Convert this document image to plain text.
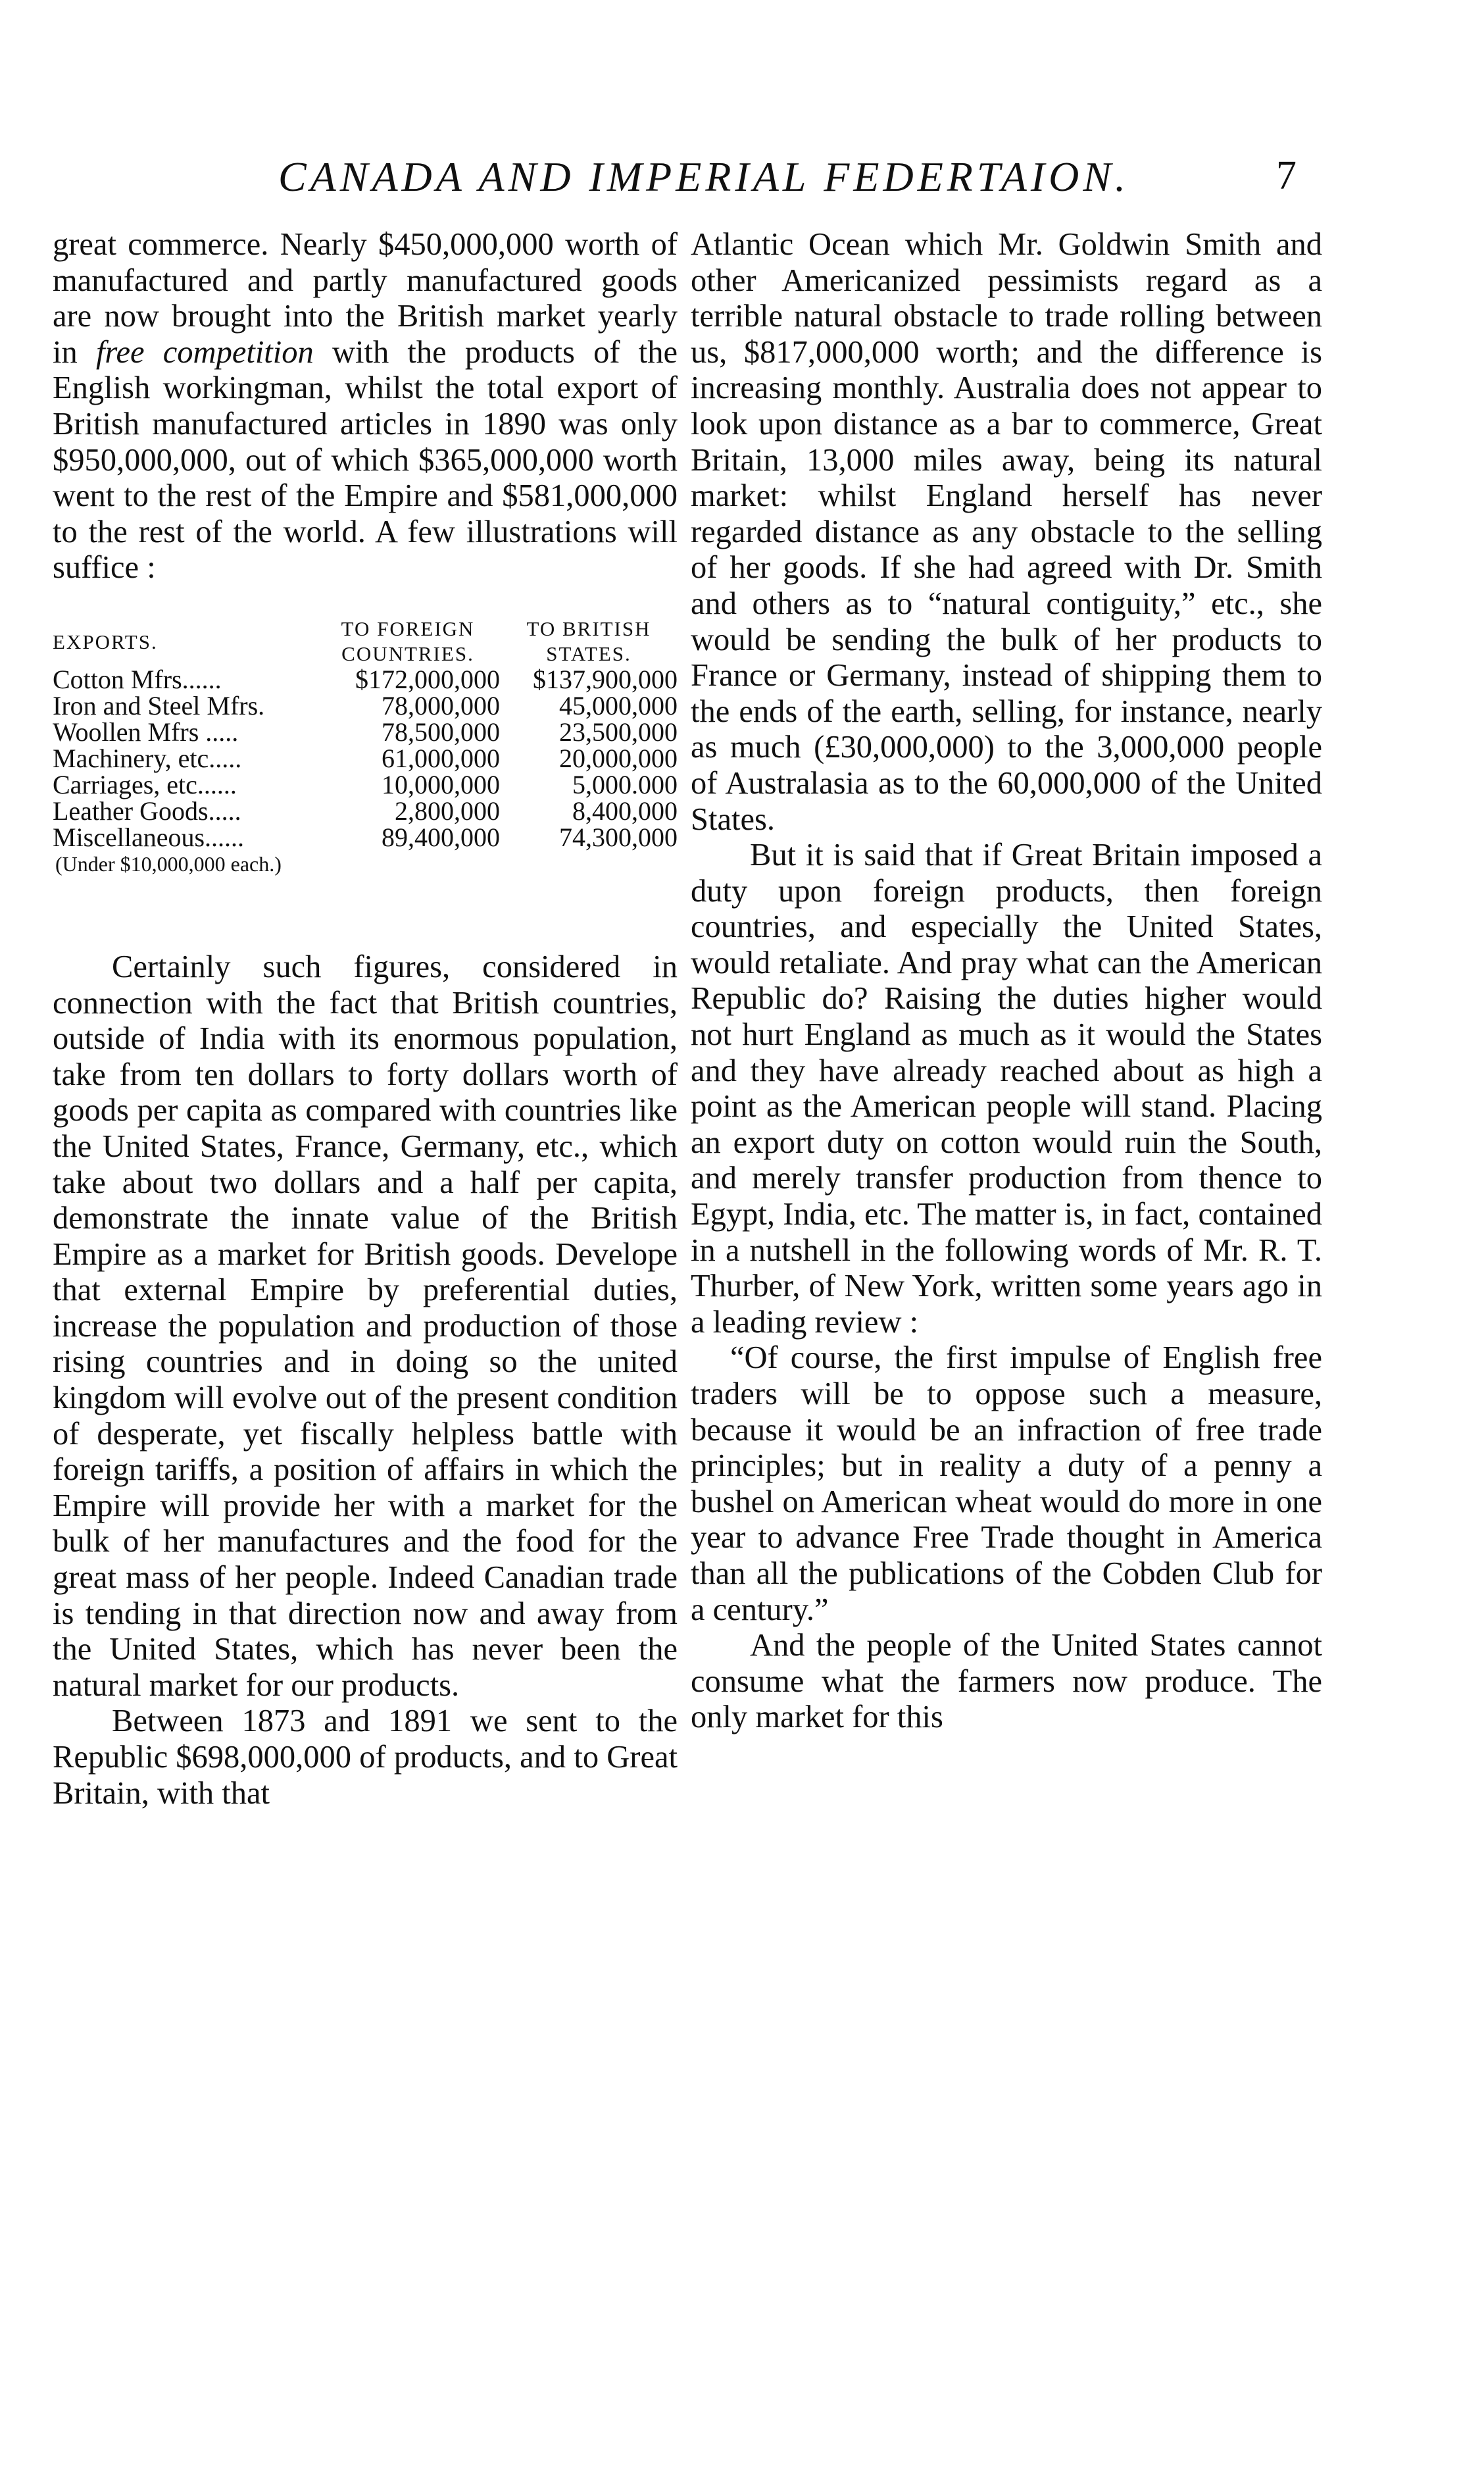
CANADA AND IMPERIAL FEDERTAION.	7

great commerce. Nearly $450,000,000 worth of manufactured and partly manufactured goods are now brought into the British market yearly in free competition with the products of the English workingman, whilst the total export of British manufactured articles in 1890 was only $950,000,000, out of which $365,000,000 worth went to the rest of the Empire and $581,000,000 to the rest of the world. A few illustrations will suffice :

EXPORTS.	TO FOREIGN COUNTRIES.	TO BRITISH STATES.
Cotton Mfrs......	$172,000,000	$137,900,000
Iron and Steel Mfrs.	78,000,000	45,000,000
Woollen Mfrs .....	78,500,000	23,500,000
Machinery, etc.....	61,000,000	20,000,000
Carriages, etc......	10,000,000	5,000.000
Leather Goods.....	2,800,000	8,400,000
Miscellaneous......	89,400,000	74,300,000
(Under $10,000,000 each.)

Certainly such figures, considered in connection with the fact that British countries, outside of India with its enormous population, take from ten dollars to forty dollars worth of goods per capita as compared with countries like the United States, France, Germany, etc., which take about two dollars and a half per capita, demonstrate the innate value of the British Empire as a market for British goods. Develope that external Empire by preferential duties, increase the population and production of those rising countries and in doing so the united kingdom will evolve out of the present condition of desperate, yet fiscally helpless battle with foreign tariffs, a position of affairs in which the Empire will provide her with a market for the bulk of her manufactures and the food for the great mass of her people. Indeed Canadian trade is tending in that direction now and away from the United States, which has never been the natural market for our products.

Between 1873 and 1891 we sent to the Republic $698,000,000 of products, and to Great Britain, with that

Atlantic Ocean which Mr. Goldwin Smith and other Americanized pessimists regard as a terrible natural obstacle to trade rolling between us, $817,000,000 worth; and the difference is increasing monthly. Australia does not appear to look upon distance as a bar to commerce, Great Britain, 13,000 miles away, being its natural market: whilst England herself has never regarded distance as any obstacle to the selling of her goods. If she had agreed with Dr. Smith and others as to “natural contiguity,” etc., she would be sending the bulk of her products to France or Germany, instead of shipping them to the ends of the earth, selling, for instance, nearly as much (£30,000,000) to the 3,000,000 people of Australasia as to the 60,000,000 of the United States.

But it is said that if Great Britain imposed a duty upon foreign products, then foreign countries, and especially the United States, would retaliate. And pray what can the American Republic do? Raising the duties higher would not hurt England as much as it would the States and they have already reached about as high a point as the American people will stand. Placing an export duty on cotton would ruin the South, and merely transfer production from thence to Egypt, India, etc. The matter is, in fact, contained in a nutshell in the following words of Mr. R. T. Thurber, of New York, written some years ago in a leading review :

“Of course, the first impulse of English free traders will be to oppose such a measure, because it would be an infraction of free trade principles; but in reality a duty of a penny a bushel on American wheat would do more in one year to advance Free Trade thought in America than all the publications of the Cobden Club for a century.”

And the people of the United States cannot consume what the farmers now produce. The only market for this
